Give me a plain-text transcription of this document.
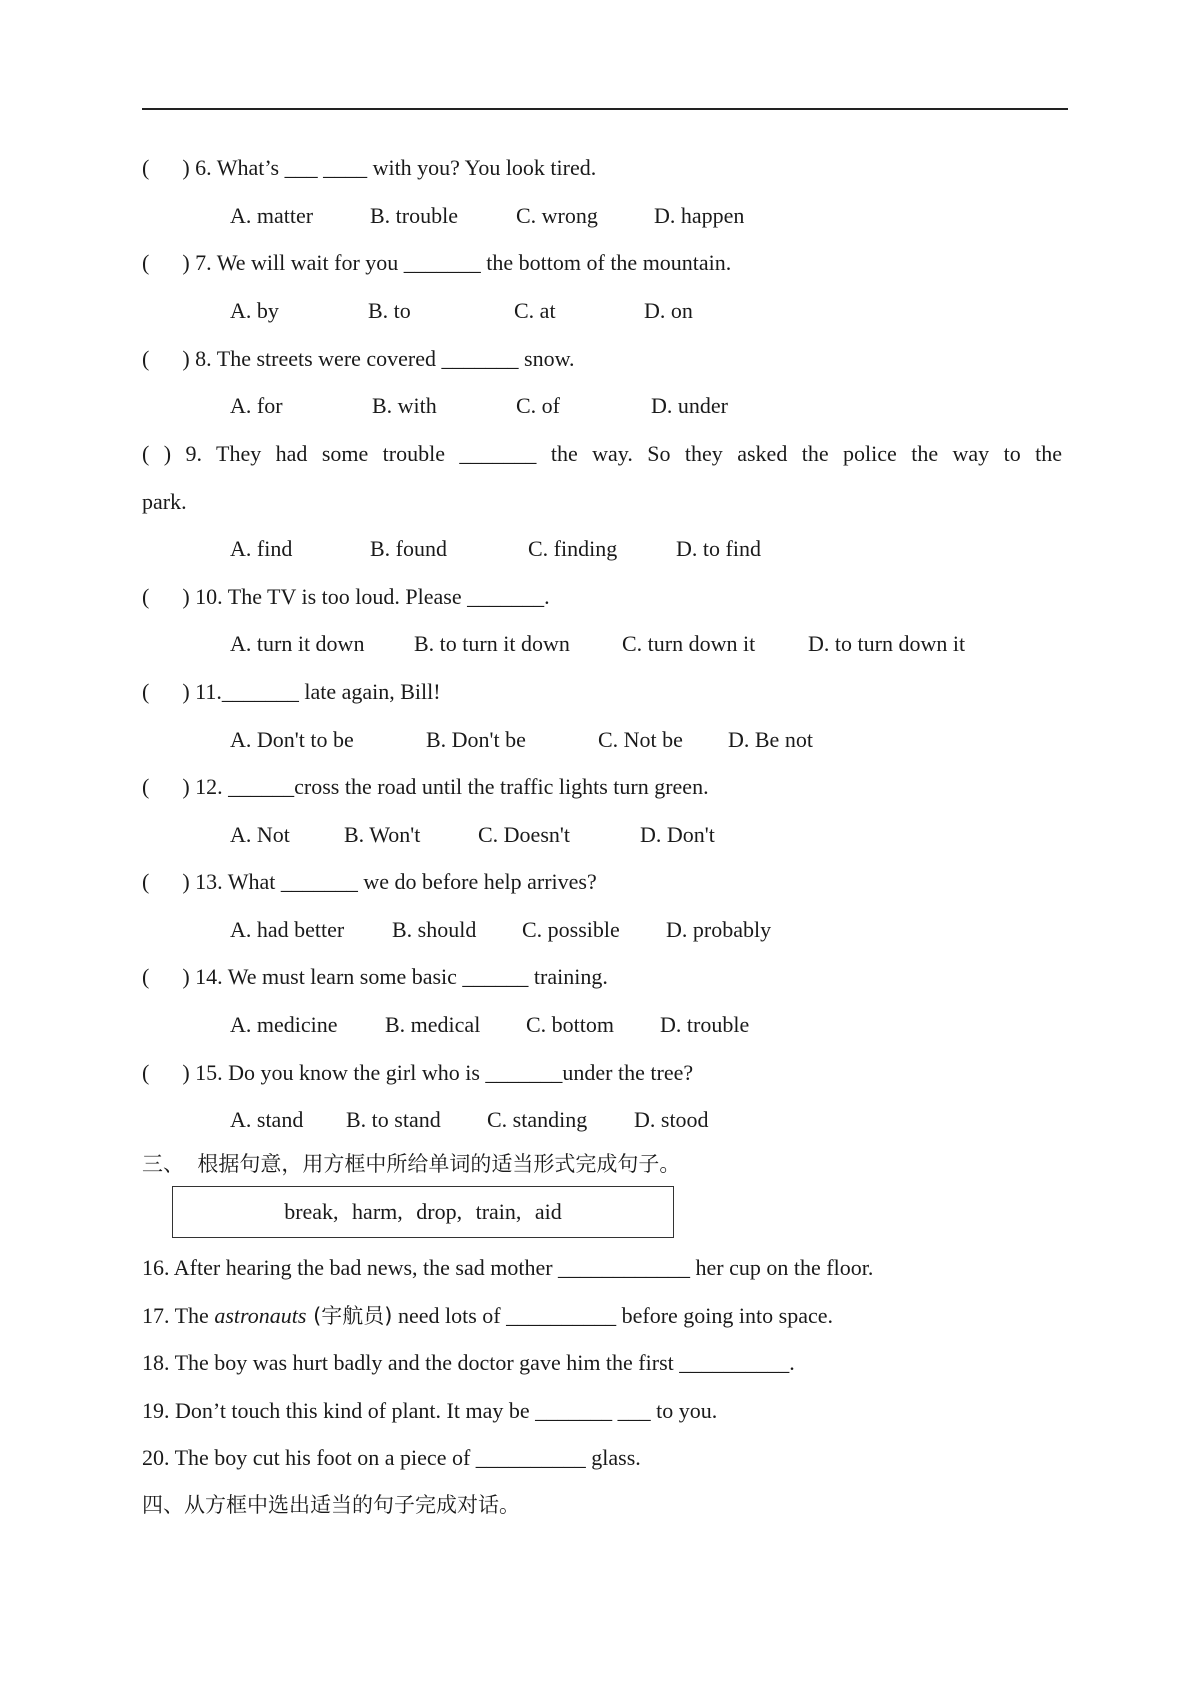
(      ) 6. What’s ___ ____ with you? You look tired.
A. matter	B. trouble	C. wrong	D. happen
(      ) 7. We will wait for you _______ the bottom of the mountain.
A. by	B. to	C. at	D. on
(      ) 8. The streets were covered _______ snow.
A. for	B. with	C. of	D. under
( ) 9. They had some trouble _______ the way. So they asked the police the way to the
park.
A. find	B. found	C. finding	D. to find
(      ) 10. The TV is too loud. Please _______.
A. turn it down B. to turn it down C. turn down it D. to turn down it
(      ) 11._______ late again, Bill!
A. Don't to be	B. Don't be	C. Not be D. Be not
(      ) 12. ______cross the road until the traffic lights turn green.
A. Not B. Won't	C. Doesn't	D. Don't
(      ) 13. What _______ we do before help arrives?
A. had better B. should C. possible D. probably
(      ) 14. We must learn some basic ______ training.
A. medicine B. medical C. bottom D. trouble
(      ) 15. Do you know the girl who is _______under the tree?
A. stand B. to stand C. standing D. stood
三、  根据句意，用方框中所给单词的适当形式完成句子。
break, harm, drop, train, aid
16. After hearing the bad news, the sad mother ____________ her cup on the floor.
17. The astronauts (宇航员) need lots of __________ before going into space.
18. The boy was hurt badly and the doctor gave him the first __________.
19. Don’t touch this kind of plant. It may be _______ ___ to you.
20. The boy cut his foot on a piece of __________ glass.
四、从方框中选出适当的句子完成对话。
